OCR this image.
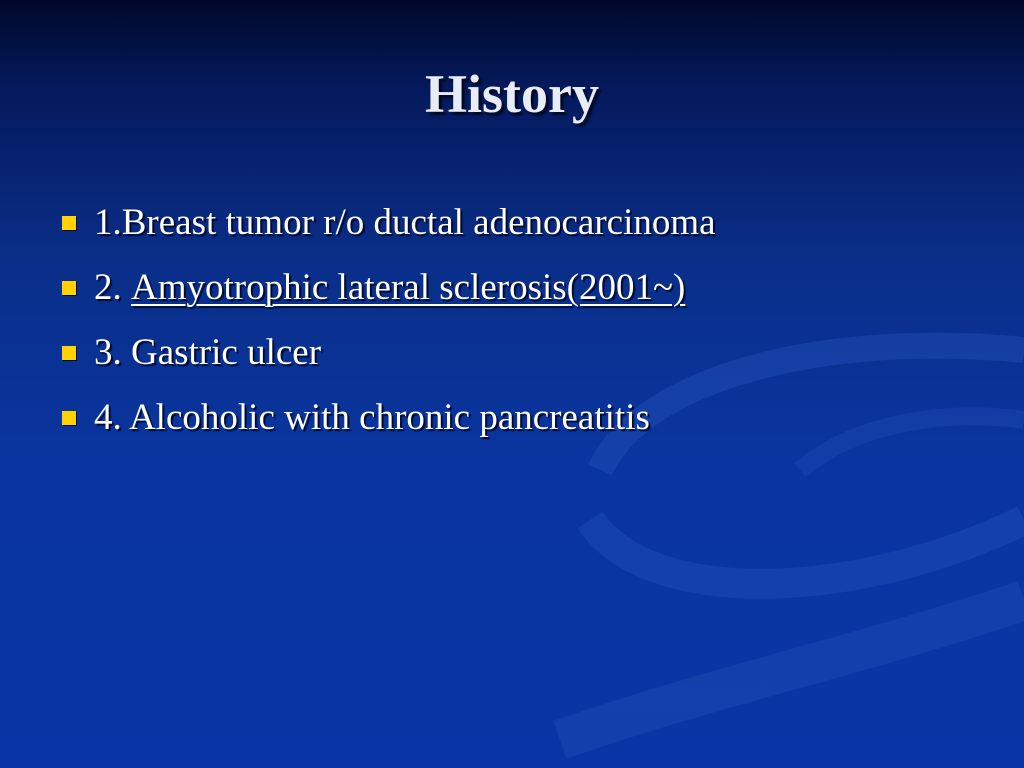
History
1.Breast tumor r/o ductal adenocarcinoma
2. Amyotrophic lateral sclerosis(2001~)
3. Gastric ulcer
4. Alcoholic with chronic pancreatitis
